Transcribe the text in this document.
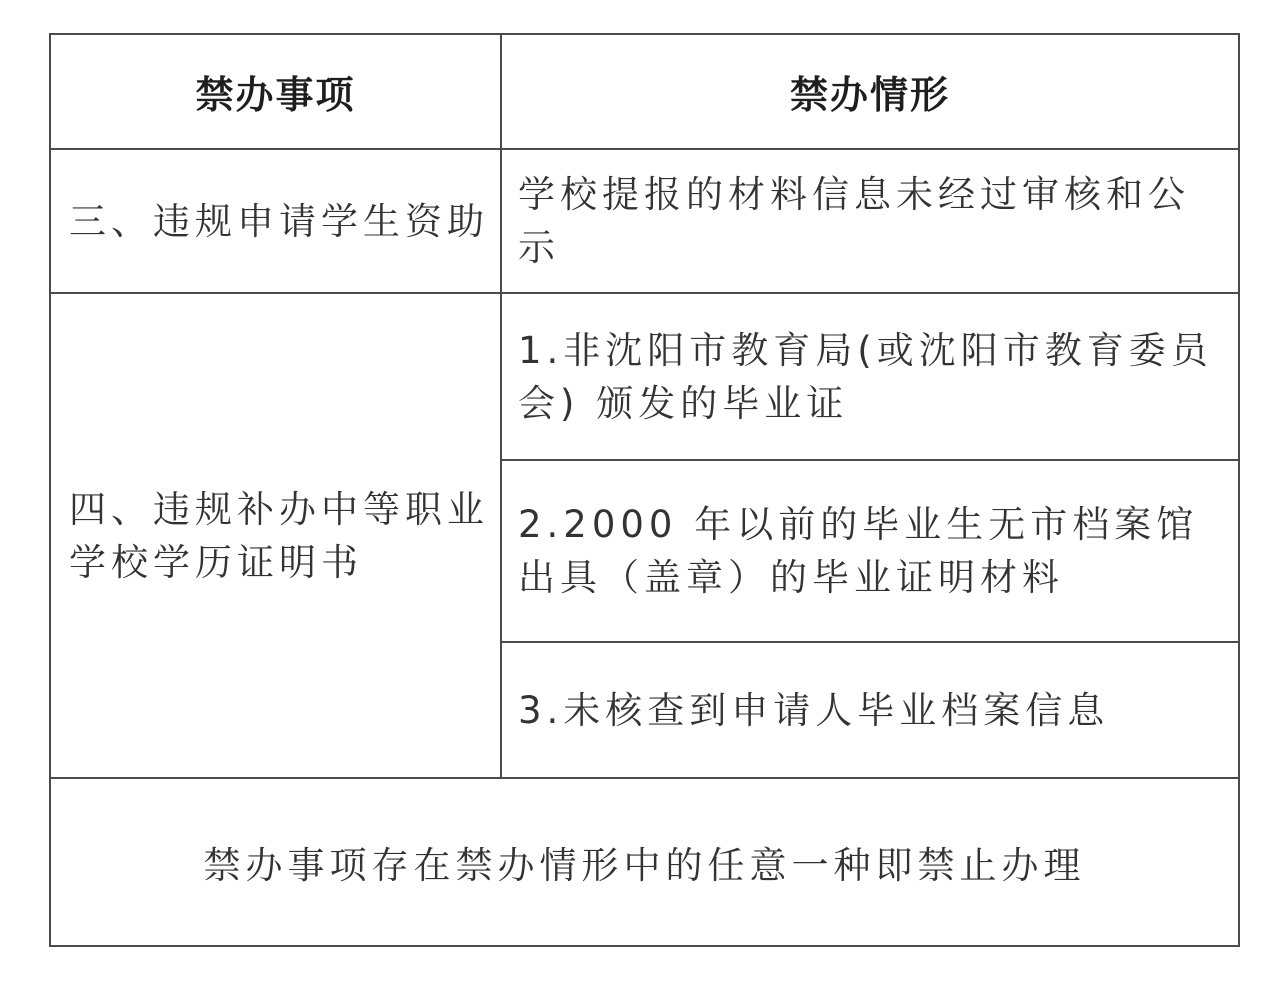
禁办事项	禁办情形
三、违规申请学生资助	学校提报的材料信息未经过审核和公示
四、违规补办中等职业学校学历证明书	1.非沈阳市教育局(或沈阳市教育委员会) 颁发的毕业证
	2.2000 年以前的毕业生无市档案馆出具（盖章）的毕业证明材料
	3.未核查到申请人毕业档案信息
禁办事项存在禁办情形中的任意一种即禁止办理	
